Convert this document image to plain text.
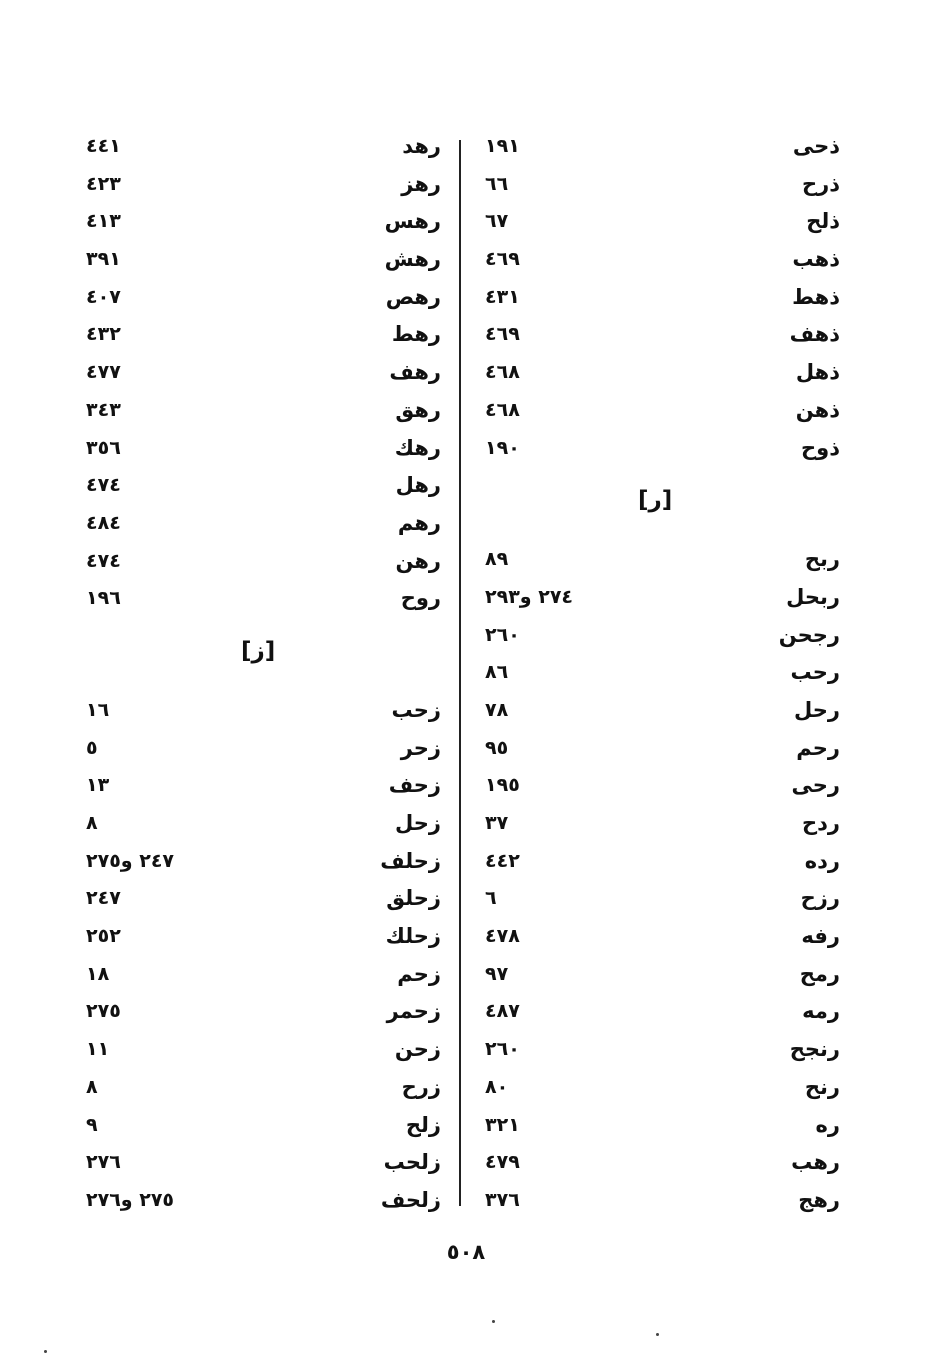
ذحى
١٩١
ذرح
٦٦
ذلح
٦٧
ذهب
٤٦٩
ذهط
٤٣١
ذهف
٤٦٩
ذهل
٤٦٨
ذهن
٤٦٨
ذوح
١٩٠
[ر]
ربح
٨٩
ربحل
٢٧٤ و٢٩٣
رجحن
٢٦٠
رحب
٨٦
رحل
٧٨
رحم
٩٥
رحى
١٩٥
ردح
٣٧
رده
٤٤٢
رزح
٦
رفه
٤٧٨
رمح
٩٧
رمه
٤٨٧
رنجح
٢٦٠
رنح
٨٠
ره
٣٢١
رهب
٤٧٩
رهج
٣٧٦
رهد
٤٤١
رهز
٤٢٣
رهس
٤١٣
رهش
٣٩١
رهص
٤٠٧
رهط
٤٣٢
رهف
٤٧٧
رهق
٣٤٣
رهك
٣٥٦
رهل
٤٧٤
رهم
٤٨٤
رهن
٤٧٤
روح
١٩٦
[ز]
زحب
١٦
زحر
٥
زحف
١٣
زحل
٨
زحلف
٢٤٧ و٢٧٥
زحلق
٢٤٧
زحلك
٢٥٢
زحم
١٨
زحمر
٢٧٥
زحن
١١
زرح
٨
زلح
٩
زلحب
٢٧٦
زلحف
٢٧٥ و٢٧٦
٥٠٨
